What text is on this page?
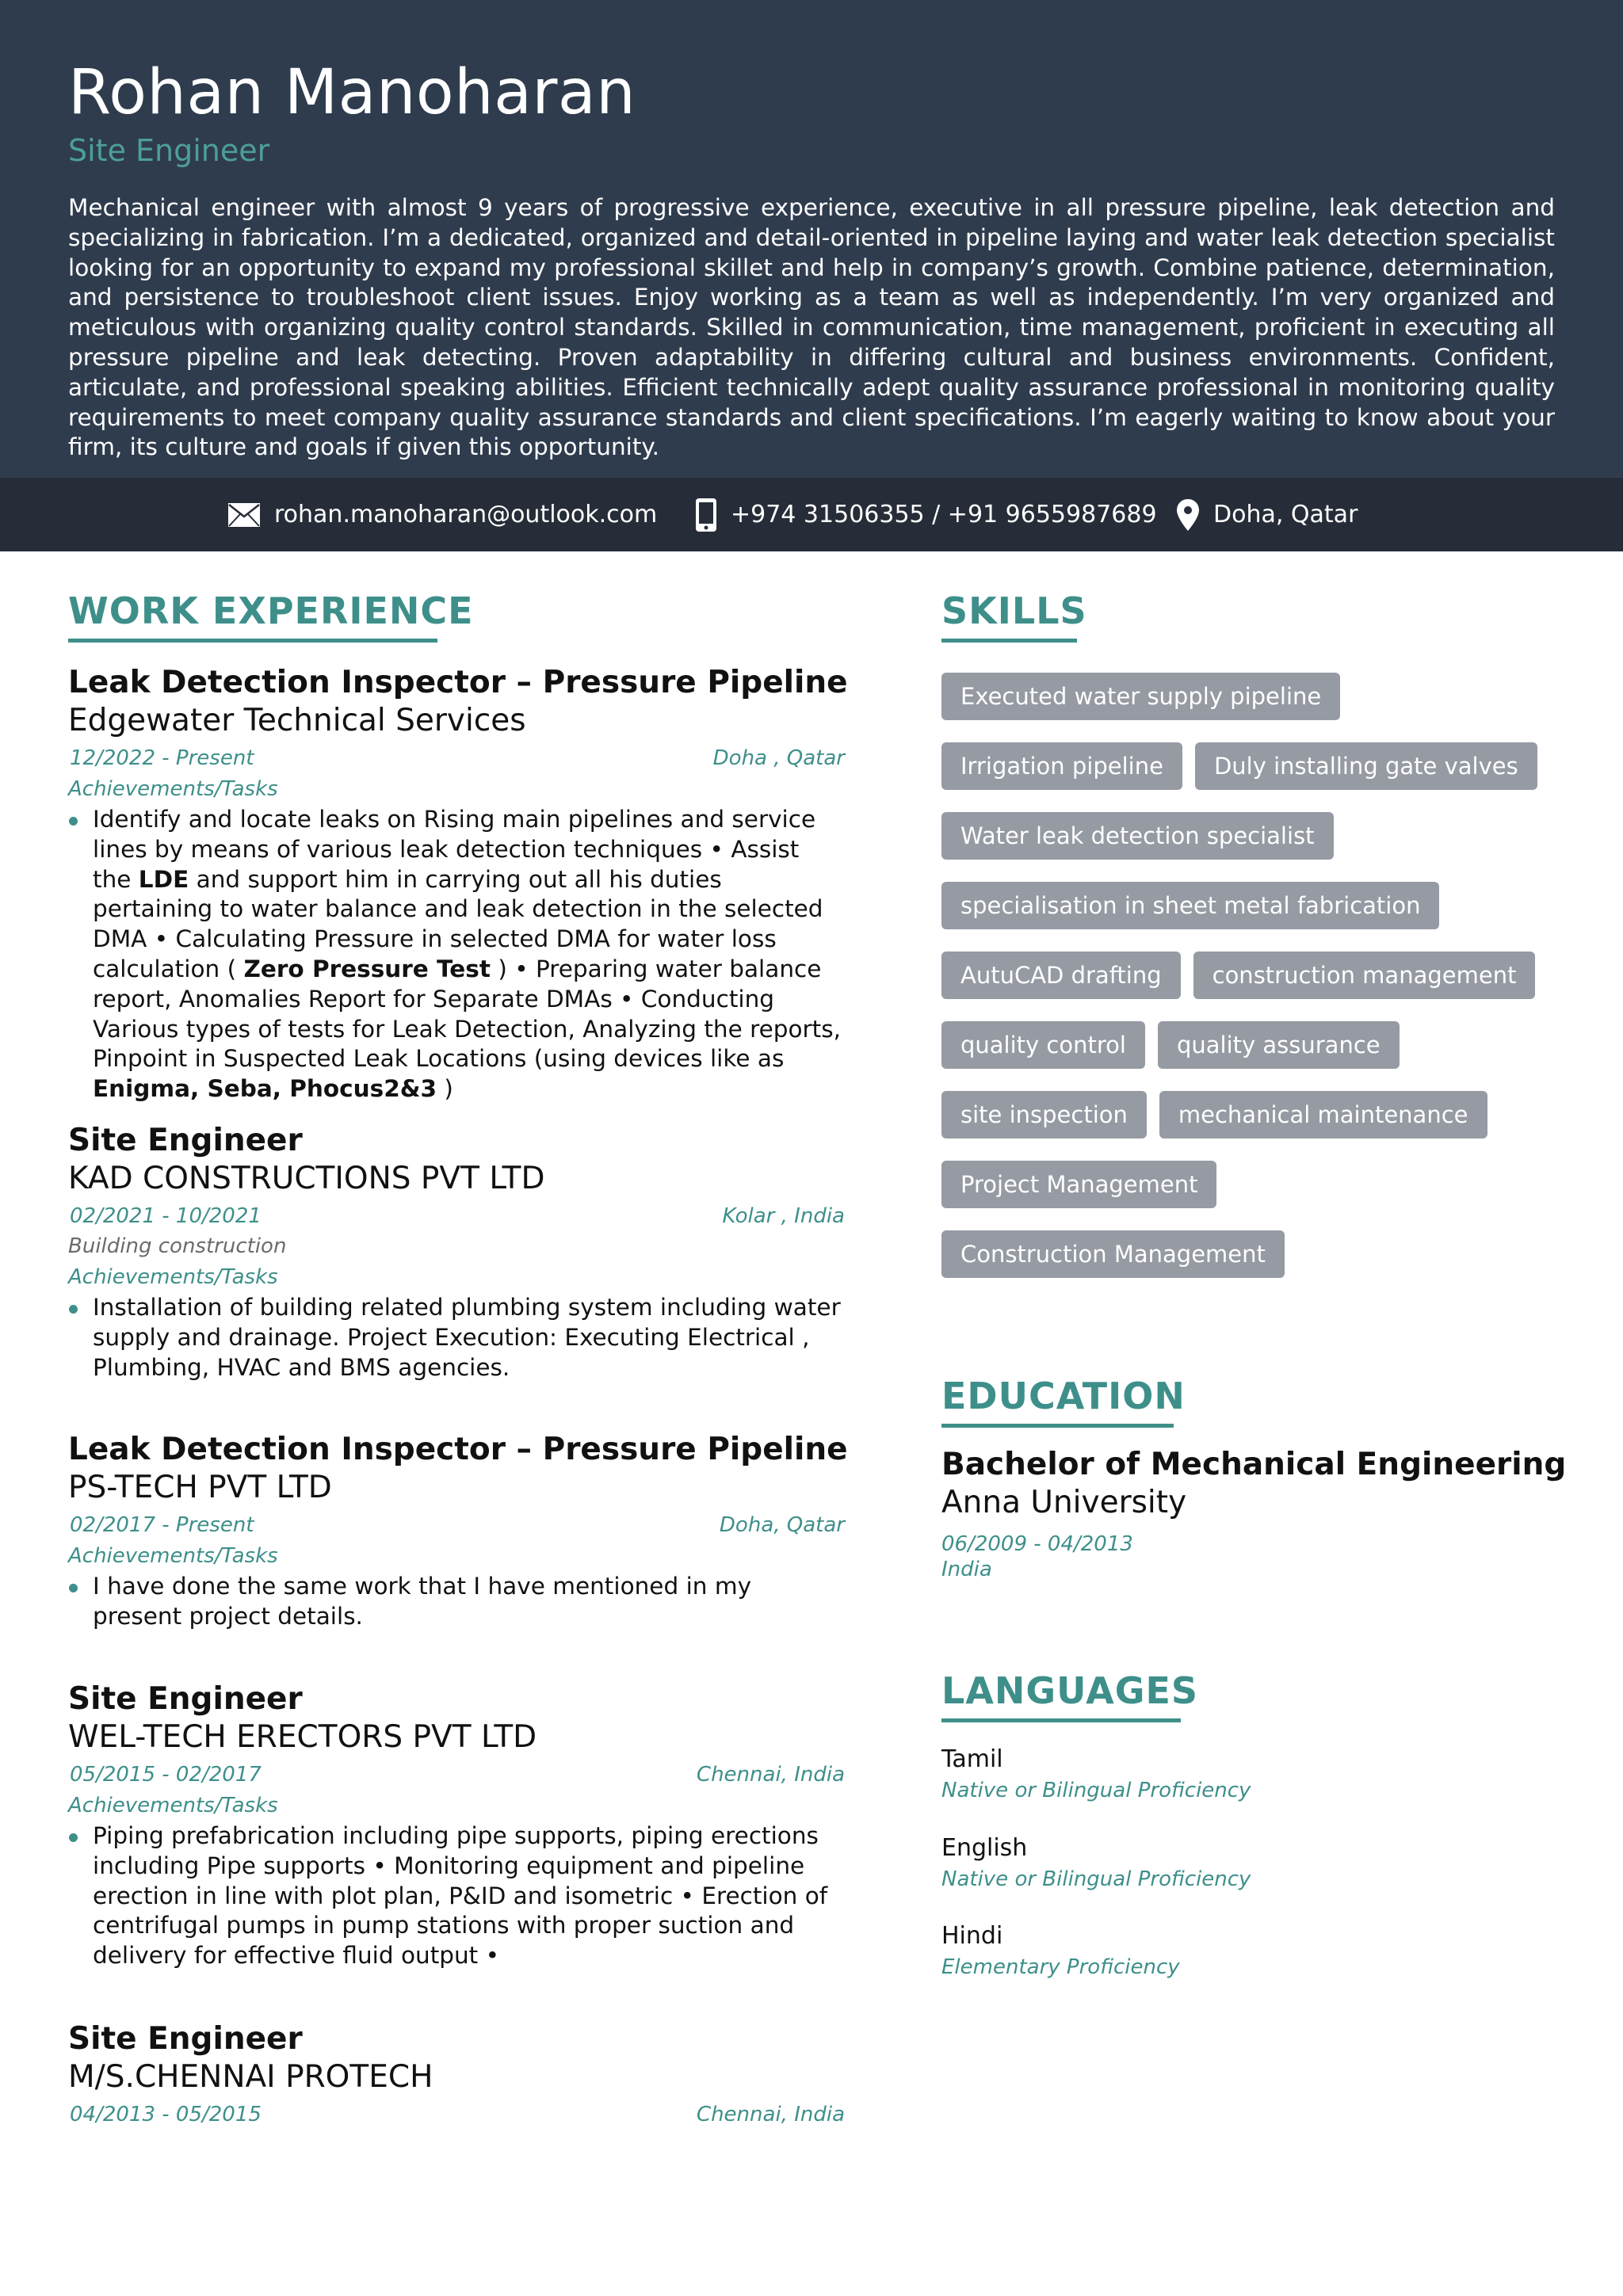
Rohan Manoharan
Site Engineer
Mechanical engineer with almost 9 years of progressive experience, executive in all pressure pipeline, leak detection and specializing in fabrication. I’m a dedicated, organized and detail-oriented in pipeline laying and water leak detection specialist looking for an opportunity to expand my professional skillet and help in company’s growth. Combine patience, determination, and persistence to troubleshoot client issues. Enjoy working as a team as well as independently. I’m very organized and meticulous with organizing quality control standards. Skilled in communication, time management, proficient in executing all pressure pipeline and leak detecting. Proven adaptability in differing cultural and business environments. Confident, articulate, and professional speaking abilities. Efficient technically adept quality assurance professional in monitoring quality requirements to meet company quality assurance standards and client specifications. I’m eagerly waiting to know about your firm, its culture and goals if given this opportunity.
rohan.manoharan@outlook.com	+974 31506355 / +91 9655987689 Doha, Qatar
WORK EXPERIENCE
Leak Detection Inspector – Pressure Pipeline
Edgewater Technical Services
12/2022 - Present	Doha , Qatar
Achievements/Tasks
Identify and locate leaks on Rising main pipelines and service lines by means of various leak detection techniques • Assist the LDE and support him in carrying out all his duties pertaining to water balance and leak detection in the selected DMA • Calculating Pressure in selected DMA for water loss calculation ( Zero Pressure Test ) • Preparing water balance report, Anomalies Report for Separate DMAs • Conducting Various types of tests for Leak Detection, Analyzing the reports, Pinpoint in Suspected Leak Locations (using devices like as Enigma, Seba, Phocus2&3 )
Site Engineer
KAD CONSTRUCTIONS PVT LTD
02/2021 - 10/2021	Kolar , India
Building construction
Achievements/Tasks
Installation of building related plumbing system including water supply and drainage. Project Execution: Executing Electrical , Plumbing, HVAC and BMS agencies.
Leak Detection Inspector – Pressure Pipeline
PS-TECH PVT LTD
02/2017 - Present	Doha, Qatar
Achievements/Tasks
I have done the same work that I have mentioned in my present project details.
Site Engineer
WEL-TECH ERECTORS PVT LTD
05/2015 - 02/2017	Chennai, India
Achievements/Tasks
Piping prefabrication including pipe supports, piping erections including Pipe supports • Monitoring equipment and pipeline erection in line with plot plan, P&ID and isometric • Erection of centrifugal pumps in pump stations with proper suction and delivery for effective fluid output •
Site Engineer
M/S.CHENNAI PROTECH
04/2013 - 05/2015	Chennai, India
SKILLS
Executed water supply pipeline
Irrigation pipeline	Duly installing gate valves
Water leak detection specialist
specialisation in sheet metal fabrication
AutuCAD drafting	construction management
quality control	quality assurance
site inspection	mechanical maintenance
Project Management
Construction Management
EDUCATION
Bachelor of Mechanical Engineering
Anna University
06/2009 - 04/2013
India
LANGUAGES
Tamil
Native or Bilingual Proficiency
English
Native or Bilingual Proficiency
Hindi
Elementary Proficiency
